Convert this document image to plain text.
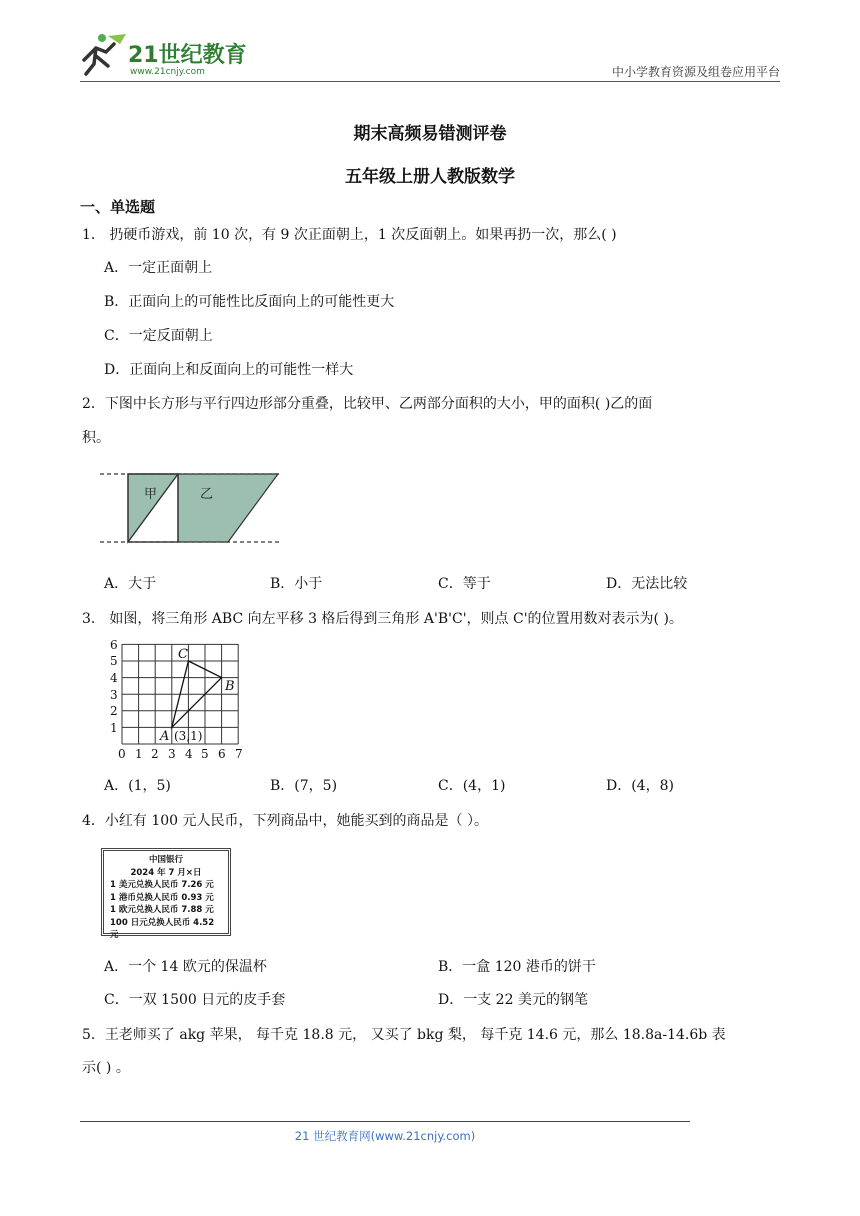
21世纪教育
www.21cnjy.com	中小学教育资源及组卷应用平台
期末高频易错测评卷
五年级上册人教版数学
一、单选题
1． 扔硬币游戏，前 10 次，有 9 次正面朝上，1 次反面朝上。如果再扔一次，那么( )
A．一定正面朝上
B．正面向上的可能性比反面向上的可能性更大
C．一定反面朝上
D．正面向上和反面向上的可能性一样大
2．下图中长方形与平行四边形部分重叠，比较甲、乙两部分面积的大小，甲的面积( )乙的面
积。
甲	乙
A．大于	B．小于	C．等于	D．无法比较
3． 如图，将三角形 ABC 向左平移 3 格后得到三角形 A'B'C'，则点 C'的位置用数对表示为( )。
0 1 2 3 4 5 6 7
1
2
3
4
5
6
C
B
A (3,1)
A．(1，5)	B．(7，5)	C．(4，1)	D．(4，8)
4．小红有 100 元人民币，下列商品中，她能买到的商品是（ ）。
中国银行
2024 年 7 月×日
1 美元兑换人民币 7.26 元
1 港币兑换人民币 0.93 元
1 欧元兑换人民币 7.88 元
100 日元兑换人民币 4.52 元
A．一个 14 欧元的保温杯	B．一盒 120 港币的饼干
C．一双 1500 日元的皮手套	D．一支 22 美元的钢笔
5．王老师买了 akg 苹果， 每千克 18.8 元， 又买了 bkg 梨， 每千克 14.6 元，那么 18.8a-14.6b 表
示( ) 。
21 世纪教育网(www.21cnjy.com)
